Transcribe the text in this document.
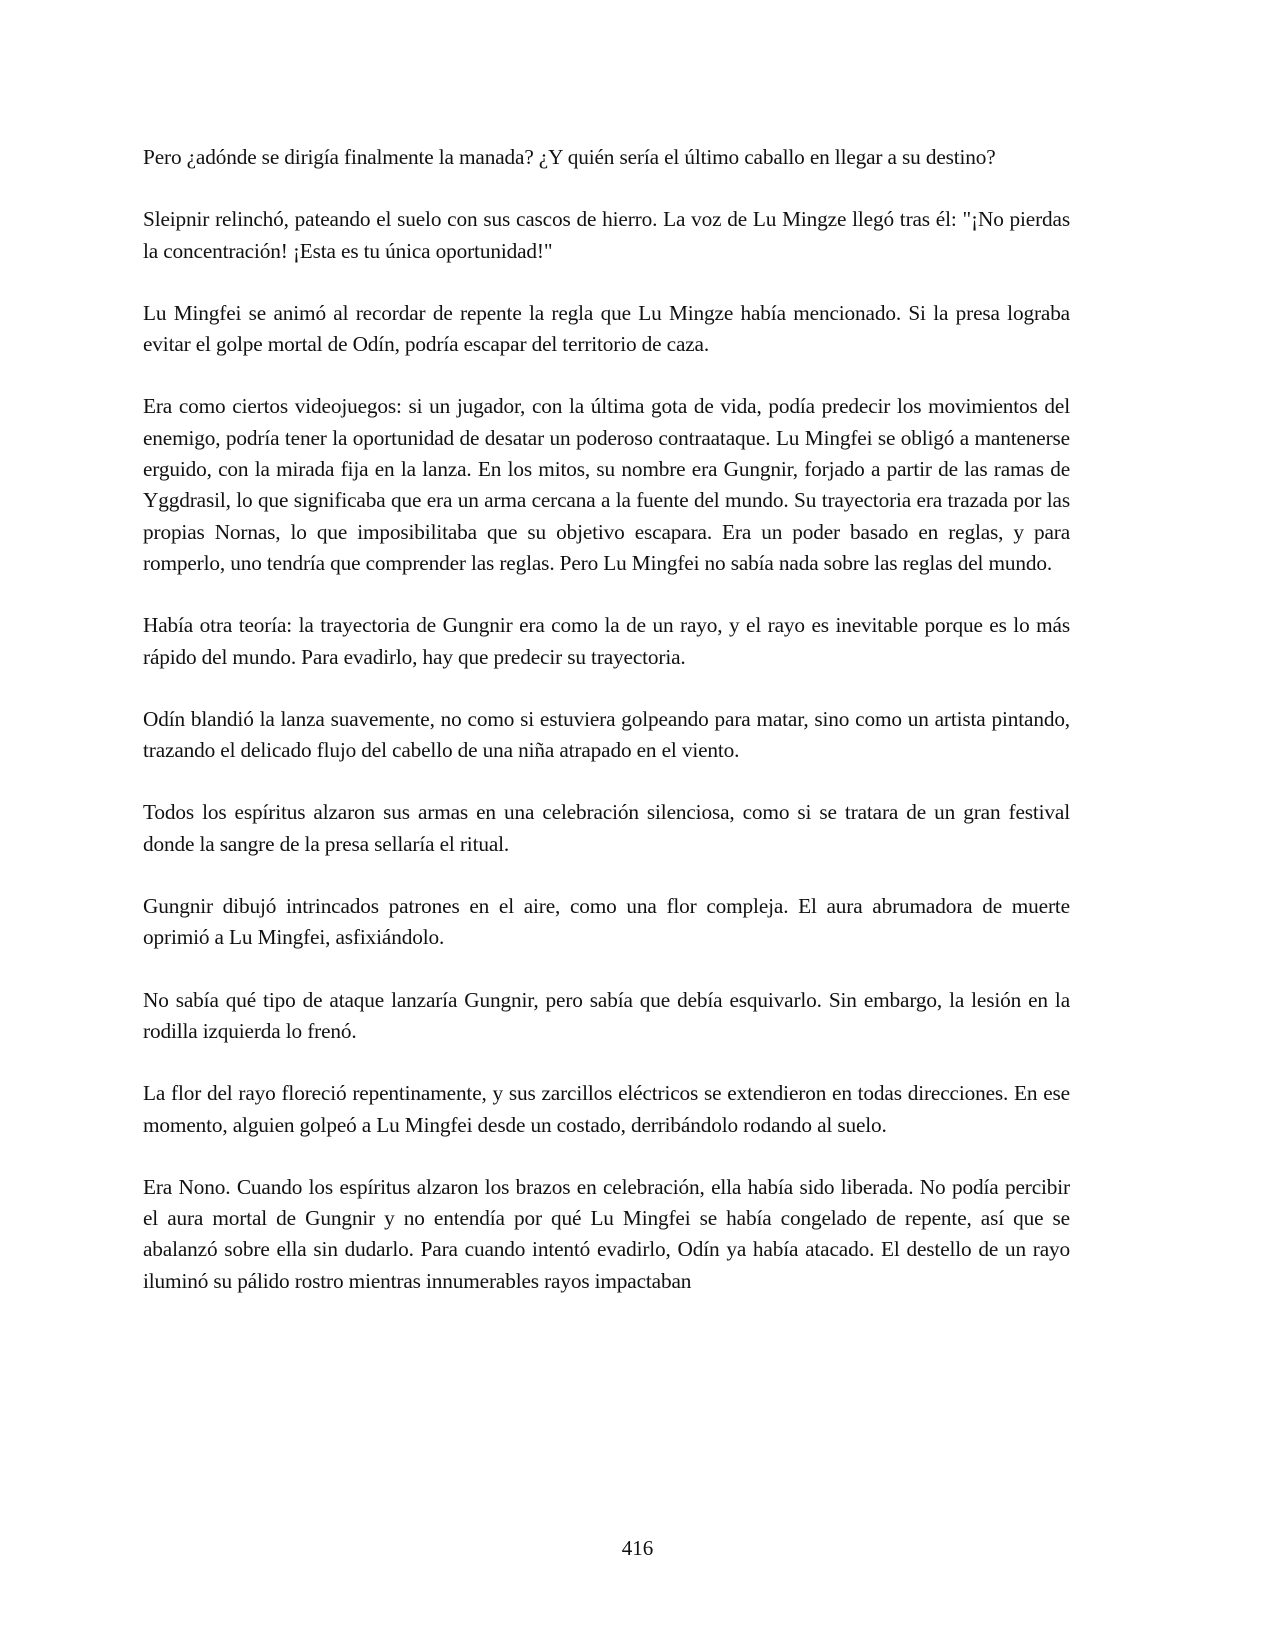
Pero ¿adónde se dirigía finalmente la manada? ¿Y quién sería el último caballo en llegar a su destino?

Sleipnir relinchó, pateando el suelo con sus cascos de hierro. La voz de Lu Mingze llegó tras él: "¡No pierdas la concentración! ¡Esta es tu única oportunidad!"

Lu Mingfei se animó al recordar de repente la regla que Lu Mingze había mencionado. Si la presa lograba evitar el golpe mortal de Odín, podría escapar del territorio de caza.

Era como ciertos videojuegos: si un jugador, con la última gota de vida, podía predecir los movimientos del enemigo, podría tener la oportunidad de desatar un poderoso contraataque. Lu Mingfei se obligó a mantenerse erguido, con la mirada fija en la lanza. En los mitos, su nombre era Gungnir, forjado a partir de las ramas de Yggdrasil, lo que significaba que era un arma cercana a la fuente del mundo. Su trayectoria era trazada por las propias Nornas, lo que imposibilitaba que su objetivo escapara. Era un poder basado en reglas, y para romperlo, uno tendría que comprender las reglas. Pero Lu Mingfei no sabía nada sobre las reglas del mundo.

Había otra teoría: la trayectoria de Gungnir era como la de un rayo, y el rayo es inevitable porque es lo más rápido del mundo. Para evadirlo, hay que predecir su trayectoria.

Odín blandió la lanza suavemente, no como si estuviera golpeando para matar, sino como un artista pintando, trazando el delicado flujo del cabello de una niña atrapado en el viento.

Todos los espíritus alzaron sus armas en una celebración silenciosa, como si se tratara de un gran festival donde la sangre de la presa sellaría el ritual.

Gungnir dibujó intrincados patrones en el aire, como una flor compleja. El aura abrumadora de muerte oprimió a Lu Mingfei, asfixiándolo.

No sabía qué tipo de ataque lanzaría Gungnir, pero sabía que debía esquivarlo. Sin embargo, la lesión en la rodilla izquierda lo frenó.

La flor del rayo floreció repentinamente, y sus zarcillos eléctricos se extendieron en todas direcciones. En ese momento, alguien golpeó a Lu Mingfei desde un costado, derribándolo rodando al suelo.

Era Nono. Cuando los espíritus alzaron los brazos en celebración, ella había sido liberada. No podía percibir el aura mortal de Gungnir y no entendía por qué Lu Mingfei se había congelado de repente, así que se abalanzó sobre ella sin dudarlo. Para cuando intentó evadirlo, Odín ya había atacado. El destello de un rayo iluminó su pálido rostro mientras innumerables rayos impactaban

416
